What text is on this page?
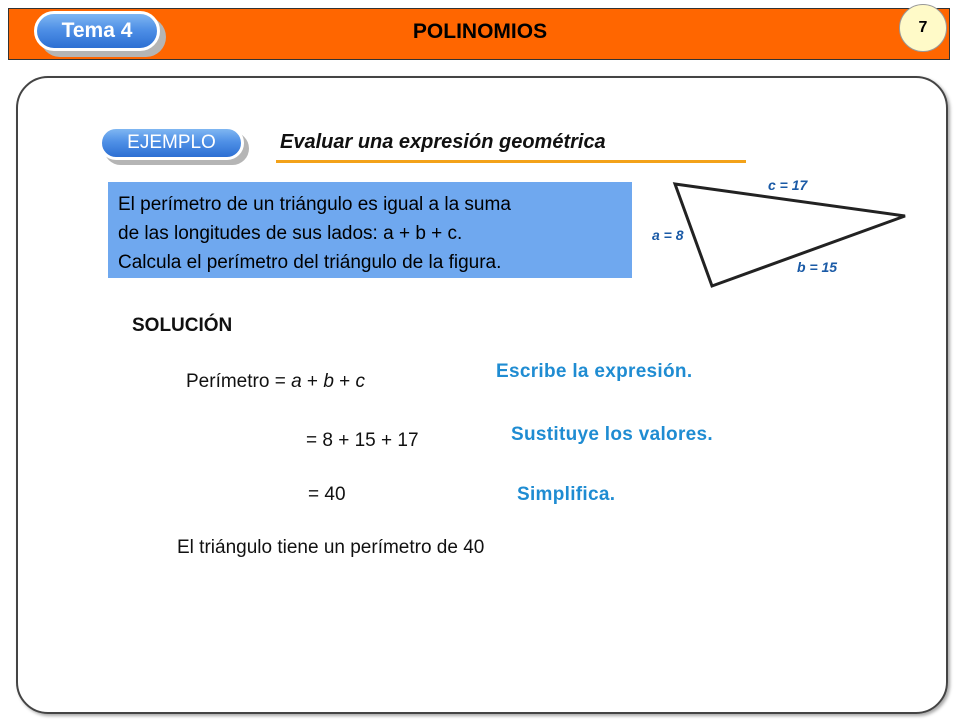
POLINOMIOS
Tema 4	7
EJEMPLO	Evaluar una expresión geométrica
El perímetro de un triángulo es igual a la suma
de las longitudes de sus lados: a + b + c.
Calcula el perímetro del triángulo de la figura.
c = 17
a = 8
b = 15
SOLUCIÓN
Perímetro = a + b + c
= 8 + 15 + 17
= 40
Escribe la expresión.
Sustituye los valores.
Simplifica.
El triángulo tiene un perímetro de 40
